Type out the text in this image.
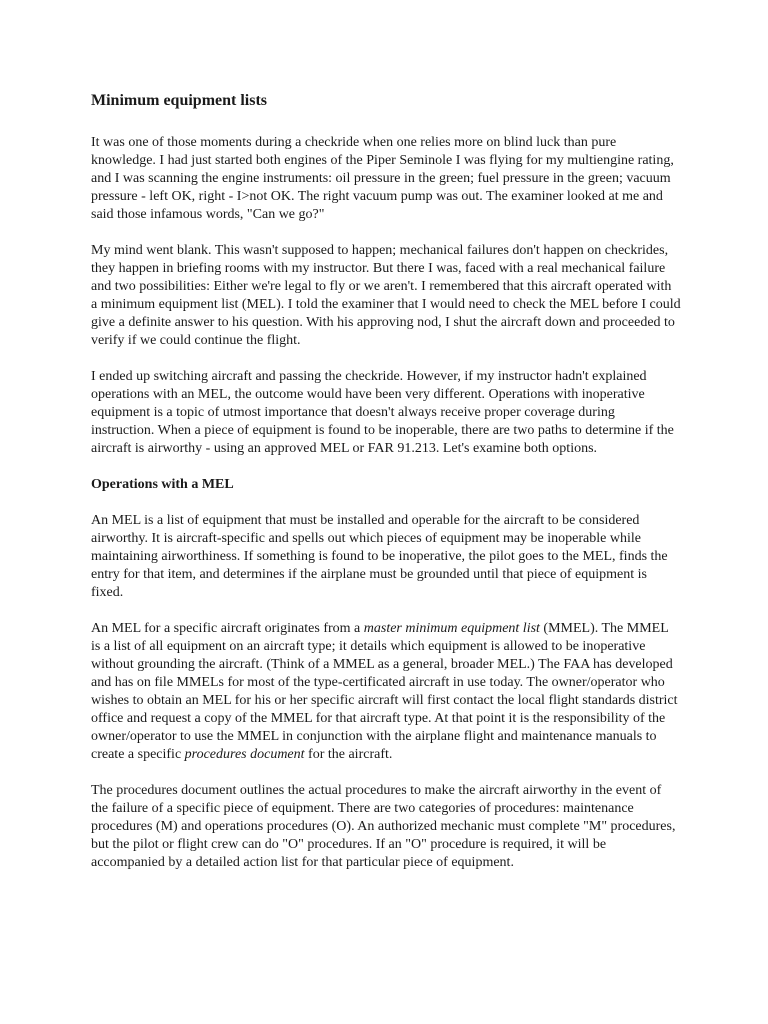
Minimum equipment lists

It was one of those moments during a checkride when one relies more on blind luck than pure knowledge. I had just started both engines of the Piper Seminole I was flying for my multiengine rating, and I was scanning the engine instruments: oil pressure in the green; fuel pressure in the green; vacuum pressure - left OK, right - I>not OK. The right vacuum pump was out. The examiner looked at me and said those infamous words, "Can we go?"

My mind went blank. This wasn't supposed to happen; mechanical failures don't happen on checkrides, they happen in briefing rooms with my instructor. But there I was, faced with a real mechanical failure and two possibilities: Either we're legal to fly or we aren't. I remembered that this aircraft operated with a minimum equipment list (MEL). I told the examiner that I would need to check the MEL before I could give a definite answer to his question. With his approving nod, I shut the aircraft down and proceeded to verify if we could continue the flight.

I ended up switching aircraft and passing the checkride. However, if my instructor hadn't explained operations with an MEL, the outcome would have been very different. Operations with inoperative equipment is a topic of utmost importance that doesn't always receive proper coverage during instruction. When a piece of equipment is found to be inoperable, there are two paths to determine if the aircraft is airworthy - using an approved MEL or FAR 91.213. Let's examine both options.

Operations with a MEL

An MEL is a list of equipment that must be installed and operable for the aircraft to be considered airworthy. It is aircraft-specific and spells out which pieces of equipment may be inoperable while maintaining airworthiness. If something is found to be inoperative, the pilot goes to the MEL, finds the entry for that item, and determines if the airplane must be grounded until that piece of equipment is fixed.

An MEL for a specific aircraft originates from a master minimum equipment list (MMEL). The MMEL is a list of all equipment on an aircraft type; it details which equipment is allowed to be inoperative without grounding the aircraft. (Think of a MMEL as a general, broader MEL.) The FAA has developed and has on file MMELs for most of the type-certificated aircraft in use today. The owner/operator who wishes to obtain an MEL for his or her specific aircraft will first contact the local flight standards district office and request a copy of the MMEL for that aircraft type. At that point it is the responsibility of the owner/operator to use the MMEL in conjunction with the airplane flight and maintenance manuals to create a specific procedures document for the aircraft.

The procedures document outlines the actual procedures to make the aircraft airworthy in the event of the failure of a specific piece of equipment. There are two categories of procedures: maintenance procedures (M) and operations procedures (O). An authorized mechanic must complete "M" procedures, but the pilot or flight crew can do "O" procedures. If an "O" procedure is required, it will be accompanied by a detailed action list for that particular piece of equipment.
